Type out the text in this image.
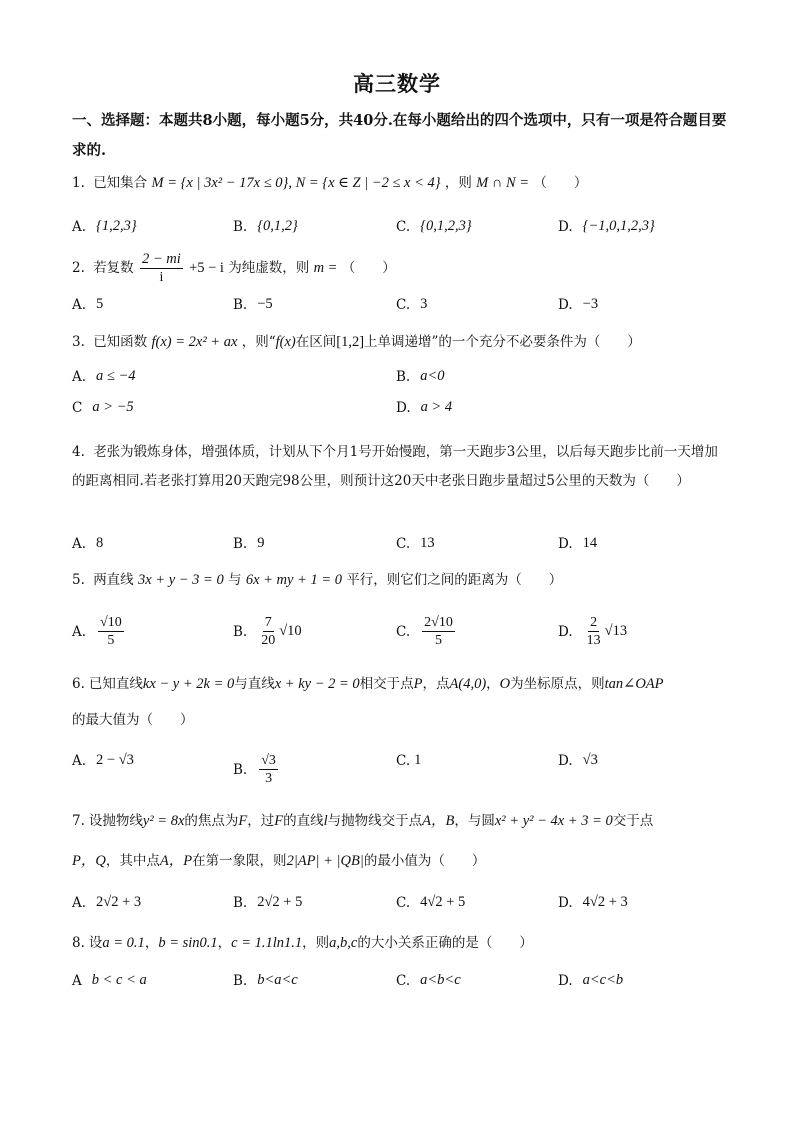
高三数学
一、选择题：本题共8小题，每小题5分，共40分.在每小题给出的四个选项中，只有一项是符合题目要求的.
1. 已知集合 M = {x | 3x² − 17x ≤ 0}, N = {x ∈ Z | −2 ≤ x < 4} ，则 M ∩ N = （　　）
A. {1,2,3}	B. {0,1,2}	C. {0,1,2,3}	D. {−1,0,1,2,3}
2. 若复数 $\frac{2 - mi}{i} +5 - i$ 为纯虚数，则 m = （　　）
A. 5	B. −5	C. 3	D. −3
3. 已知函数 f(x) = 2x² + ax ，则“f(x)在区间[1,2]上单调递增”的一个充分不必要条件为（　　）
A. a ≤ −4	B. a<0
C a > −5	D. a > 4
4. 老张为锻炼身体，增强体质，计划从下个月1号开始慢跑，第一天跑步3公里，以后每天跑步比前一天增加的距离相同.若老张打算用20天跑完98公里，则预计这20天中老张日跑步量超过5公里的天数为（　　）
A. 8	B. 9	C. 13	D. 14
5. 两直线 3x + y − 3 = 0 与 6x + my + 1 = 0 平行，则它们之间的距离为（　　）
A. $\frac{√10}{5}$	B. $\frac{7}{20} √10$	C. $\frac{2√10}{5}$	D. $\frac{2}{13} √13$
6. 已知直线kx − y + 2k = 0与直线x + ky − 2 = 0相交于点P，点A(4,0)，O为坐标原点，则tan∠OAP
的最大值为（　　）
A. 2 − √3
B. $\frac{√3}{3}$	C. 1	D. √3
7. 设抛物线y² = 8x的焦点为F，过F的直线l与抛物线交于点A，B，与圆x² + y² − 4x + 3 = 0交于点
P，Q，其中点A，P在第一象限，则2|AP| + |QB|的最小值为（　　）
A. 2√2 + 3	B. 2√2 + 5	C. 4√2 + 5	D. 4√2 + 3
8. 设a = 0.1，b = sin0.1，c = 1.1ln1.1，则a,b,c的大小关系正确的是（　　）
A b < c < a	B. b<a<c	C. a<b<c	D. a<c<b
